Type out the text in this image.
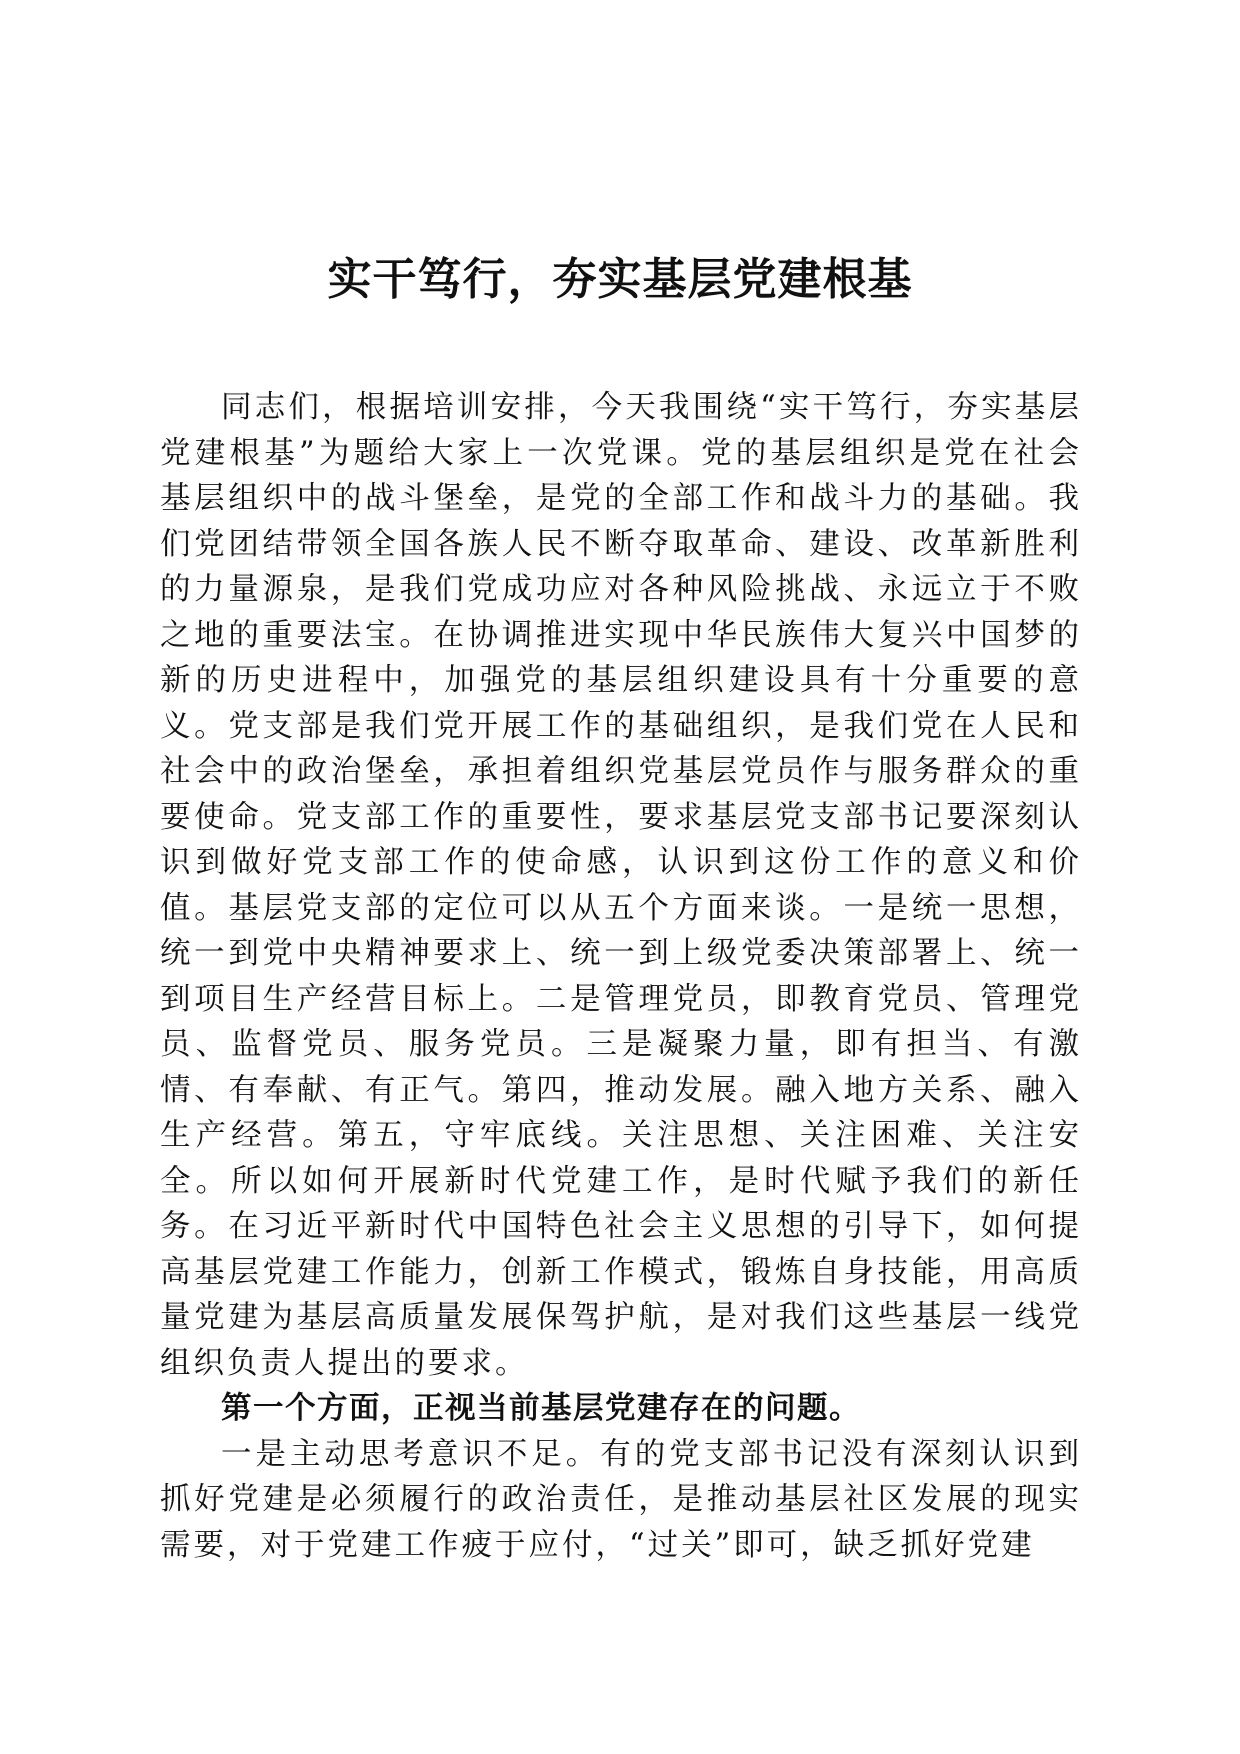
实干笃行，夯实基层党建根基

同志们，根据培训安排，今天我围绕“实干笃行，夯实基层党建根基”为题给大家上一次党课。党的基层组织是党在社会基层组织中的战斗堡垒，是党的全部工作和战斗力的基础。我们党团结带领全国各族人民不断夺取革命、建设、改革新胜利的力量源泉，是我们党成功应对各种风险挑战、永远立于不败之地的重要法宝。在协调推进实现中华民族伟大复兴中国梦的新的历史进程中，加强党的基层组织建设具有十分重要的意义。党支部是我们党开展工作的基础组织，是我们党在人民和社会中的政治堡垒，承担着组织党基层党员作与服务群众的重要使命。党支部工作的重要性，要求基层党支部书记要深刻认识到做好党支部工作的使命感，认识到这份工作的意义和价值。基层党支部的定位可以从五个方面来谈。一是统一思想，统一到党中央精神要求上、统一到上级党委决策部署上、统一到项目生产经营目标上。二是管理党员，即教育党员、管理党员、监督党员、服务党员。三是凝聚力量，即有担当、有激情、有奉献、有正气。第四，推动发展。融入地方关系、融入生产经营。第五，守牢底线。关注思想、关注困难、关注安全。所以如何开展新时代党建工作，是时代赋予我们的新任务。在习近平新时代中国特色社会主义思想的引导下，如何提高基层党建工作能力，创新工作模式，锻炼自身技能，用高质量党建为基层高质量发展保驾护航，是对我们这些基层一线党组织负责人提出的要求。

第一个方面，正视当前基层党建存在的问题。

一是主动思考意识不足。有的党支部书记没有深刻认识到抓好党建是必须履行的政治责任，是推动基层社区发展的现实需要，对于党建工作疲于应付，“过关”即可，缺乏抓好党建
